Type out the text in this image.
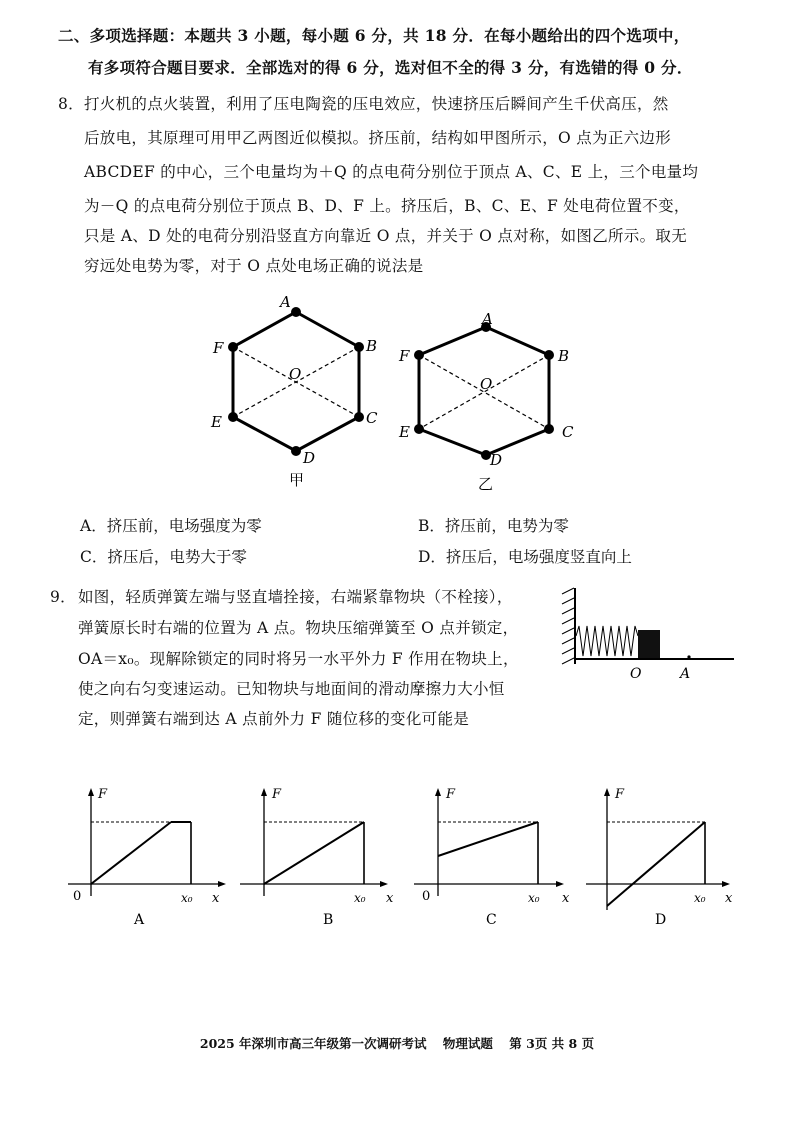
二、多项选择题：本题共 3 小题，每小题 6 分，共 18 分．在每小题给出的四个选项中，
有多项符合题目要求．全部选对的得 6 分，选对但不全的得 3 分，有选错的得 0 分．
8． 打火机的点火装置，利用了压电陶瓷的压电效应，快速挤压后瞬间产生千伏高压，然
后放电，其原理可用甲乙两图近似模拟。挤压前，结构如甲图所示，O 点为正六边形
ABCDEF 的中心，三个电量均为＋Q 的点电荷分别位于顶点 A、C、E 上，三个电量均
为－Q 的点电荷分别位于顶点 B、D、F 上。挤压后，B、C、E、F 处电荷位置不变，
只是 A、D 处的电荷分别沿竖直方向靠近 O 点，并关于 O 点对称，如图乙所示。取无
穷远处电势为零，对于 O 点处电场正确的说法是
A
B
C
D
E
F
O
甲
A
B
C
D
E
F
O
乙
A．挤压前，电场强度为零	B．挤压前，电势为零
C．挤压后，电势大于零	D．挤压后，电场强度竖直向上
9． 如图，轻质弹簧左端与竖直墙拴接，右端紧靠物块（不栓接），
弹簧原长时右端的位置为 A 点。物块压缩弹簧至 O 点并锁定，
OA＝x₀。现解除锁定的同时将另一水平外力 F 作用在物块上，
使之向右匀变速运动。已知物块与地面间的滑动摩擦力大小恒
定，则弹簧右端到达 A 点前外力 F 随位移的变化可能是
O	A
F
0	x₀ x
A
F
x₀ x
B
F
0	x₀ x
C
F
x₀ x
D
2025 年深圳市高三年级第一次调研考试 物理试题 第 3页 共 8 页
